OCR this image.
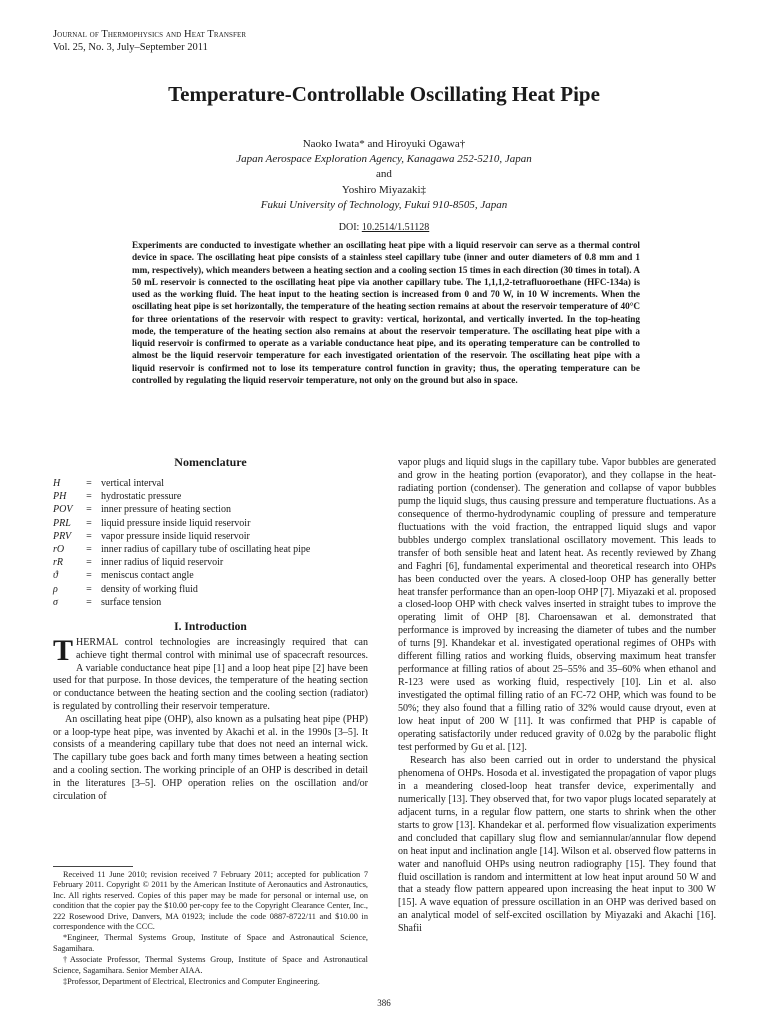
Journal of Thermophysics and Heat Transfer
Vol. 25, No. 3, July–September 2011
Temperature-Controllable Oscillating Heat Pipe
Naoko Iwata* and Hiroyuki Ogawa†
Japan Aerospace Exploration Agency, Kanagawa 252-5210, Japan
and
Yoshiro Miyazaki‡
Fukui University of Technology, Fukui 910-8505, Japan
DOI: 10.2514/1.51128
Experiments are conducted to investigate whether an oscillating heat pipe with a liquid reservoir can serve as a thermal control device in space. The oscillating heat pipe consists of a stainless steel capillary tube (inner and outer diameters of 0.8 mm and 1 mm, respectively), which meanders between a heating section and a cooling section 15 times in each direction (30 times in total). A 50 mL reservoir is connected to the oscillating heat pipe via another capillary tube. The 1,1,1,2-tetrafluoroethane (HFC-134a) is used as the working fluid. The heat input to the heating section is increased from 0 and 70 W, in 10 W increments. When the oscillating heat pipe is set horizontally, the temperature of the heating section remains at about the reservoir temperature of 40°C for three orientations of the reservoir with respect to gravity: vertical, horizontal, and vertically inverted. In the top-heating mode, the temperature of the heating section also remains at about the reservoir temperature. The oscillating heat pipe with a liquid reservoir is confirmed to operate as a variable conductance heat pipe, and its operating temperature can be controlled to almost be the liquid reservoir temperature for each investigated orientation of the reservoir. The oscillating heat pipe with a liquid reservoir is confirmed not to lose its temperature control function in gravity; thus, the operating temperature can be controlled by regulating the liquid reservoir temperature, not only on the ground but also in space.
Nomenclature
H	=	vertical interval
PH	=	hydrostatic pressure
POV	=	inner pressure of heating section
PRL	=	liquid pressure inside liquid reservoir
PRV	=	vapor pressure inside liquid reservoir
rO	=	inner radius of capillary tube of oscillating heat pipe
rR	=	inner radius of liquid reservoir
ϑ	=	meniscus contact angle
ρ	=	density of working fluid
σ	=	surface tension
I. Introduction

THERMAL control technologies are increasingly required that can achieve tight thermal control with minimal use of spacecraft resources. A variable conductance heat pipe [1] and a loop heat pipe [2] have been used for that purpose. In those devices, the temperature of the heating section or conductance between the heating section and the cooling section (radiator) is regulated by controlling their reservoir temperature.

An oscillating heat pipe (OHP), also known as a pulsating heat pipe (PHP) or a loop-type heat pipe, was invented by Akachi et al. in the 1990s [3–5]. It consists of a meandering capillary tube that does not need an internal wick. The capillary tube goes back and forth many times between a heating section and a cooling section. The working principle of an OHP is described in detail in the literatures [3–5]. OHP operation relies on the oscillation and/or circulation of

vapor plugs and liquid slugs in the capillary tube. Vapor bubbles are generated and grow in the heating portion (evaporator), and they collapse in the heat-radiating portion (condenser). The generation and collapse of vapor bubbles pump the liquid slugs, thus causing pressure and temperature fluctuations. As a consequence of thermo-hydrodynamic coupling of pressure and temperature fluctuations with the void fraction, the entrapped liquid slugs and vapor bubbles undergo complex translational oscillatory movement. This leads to transfer of both sensible heat and latent heat. As recently reviewed by Zhang and Faghri [6], fundamental experimental and theoretical research into OHPs has been conducted over the years. A closed-loop OHP has generally better heat transfer performance than an open-loop OHP [7]. Miyazaki et al. proposed a closed-loop OHP with check valves inserted in straight tubes to improve the operating limit of OHP [8]. Charoensawan et al. demonstrated that performance is improved by increasing the diameter of tubes and the number of turns [9]. Khandekar et al. investigated operational regimes of OHPs with different filling ratios and working fluids, observing maximum heat transfer performance at filling ratios of about 25–55% and 35–60% when ethanol and R-123 were used as working fluid, respectively [10]. Lin et al. also investigated the optimal filling ratio of an FC-72 OHP, which was found to be 50%; they also found that a filling ratio of 32% would cause dryout, even at low heat input of 200 W [11]. It was confirmed that PHP is capable of operating satisfactorily under reduced gravity of 0.02g by the parabolic flight test performed by Gu et al. [12].

Research has also been carried out in order to understand the physical phenomena of OHPs. Hosoda et al. investigated the propagation of vapor plugs in a meandering closed-loop heat transfer device, experimentally and numerically [13]. They observed that, for two vapor plugs located separately at adjacent turns, in a regular flow pattern, one starts to shrink when the other starts to grow [13]. Khandekar et al. performed flow visualization experiments and concluded that capillary slug flow and semiannular/annular flow depend on heat input and inclination angle [14]. Wilson et al. observed flow patterns in water and nanofluid OHPs using neutron radiography [15]. They found that fluid oscillation is random and intermittent at low heat input around 50 W and that a steady flow pattern appeared upon increasing the heat input to 300 W [15]. A wave equation of pressure oscillation in an OHP was derived based on an analytical model of self-excited oscillation by Miyazaki and Akachi [16]. Shafii

Received 11 June 2010; revision received 7 February 2011; accepted for publication 7 February 2011. Copyright © 2011 by the American Institute of Aeronautics and Astronautics, Inc. All rights reserved. Copies of this paper may be made for personal or internal use, on condition that the copier pay the $10.00 per-copy fee to the Copyright Clearance Center, Inc., 222 Rosewood Drive, Danvers, MA 01923; include the code 0887-8722/11 and $10.00 in correspondence with the CCC.

*Engineer, Thermal Systems Group, Institute of Space and Astronautical Science, Sagamihara.

†Associate Professor, Thermal Systems Group, Institute of Space and Astronautical Science, Sagamihara. Senior Member AIAA.

‡Professor, Department of Electrical, Electronics and Computer Engineering.

386
